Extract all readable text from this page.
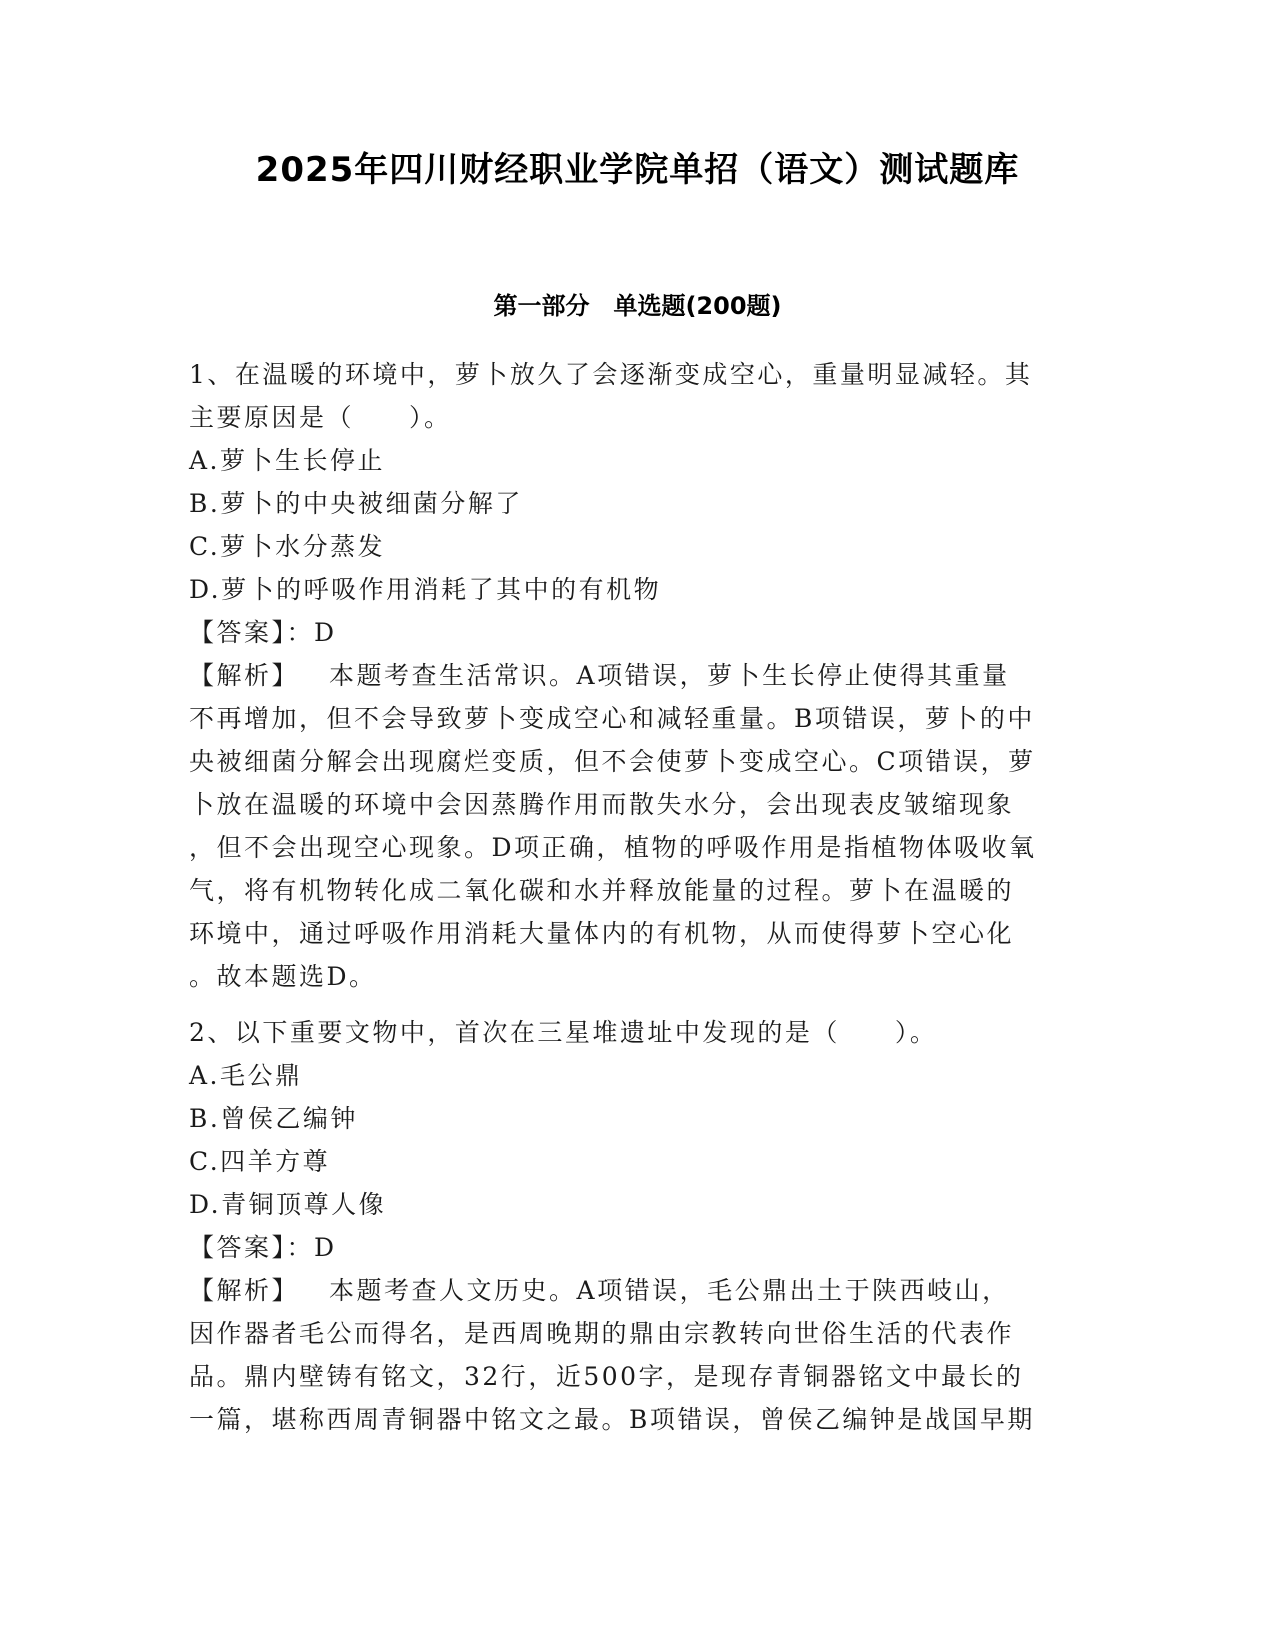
2025年四川财经职业学院单招（语文）测试题库
第一部分　单选题(200题)
1、在温暖的环境中，萝卜放久了会逐渐变成空心，重量明显减轻。其
主要原因是（　　）。
A.萝卜生长停止
B.萝卜的中央被细菌分解了
C.萝卜水分蒸发
D.萝卜的呼吸作用消耗了其中的有机物
【答案】：D
【解析】 本题考查生活常识。A项错误，萝卜生长停止使得其重量
不再增加，但不会导致萝卜变成空心和减轻重量。B项错误，萝卜的中
央被细菌分解会出现腐烂变质，但不会使萝卜变成空心。C项错误，萝
卜放在温暖的环境中会因蒸腾作用而散失水分，会出现表皮皱缩现象
，但不会出现空心现象。D项正确，植物的呼吸作用是指植物体吸收氧
气，将有机物转化成二氧化碳和水并释放能量的过程。萝卜在温暖的
环境中，通过呼吸作用消耗大量体内的有机物，从而使得萝卜空心化
。故本题选D。
2、以下重要文物中，首次在三星堆遗址中发现的是（　　）。
A.毛公鼎
B.曾侯乙编钟
C.四羊方尊
D.青铜顶尊人像
【答案】：D
【解析】 本题考查人文历史。A项错误，毛公鼎出土于陕西岐山，
因作器者毛公而得名，是西周晚期的鼎由宗教转向世俗生活的代表作
品。鼎内壁铸有铭文，32行，近500字，是现存青铜器铭文中最长的
一篇，堪称西周青铜器中铭文之最。B项错误，曾侯乙编钟是战国早期
